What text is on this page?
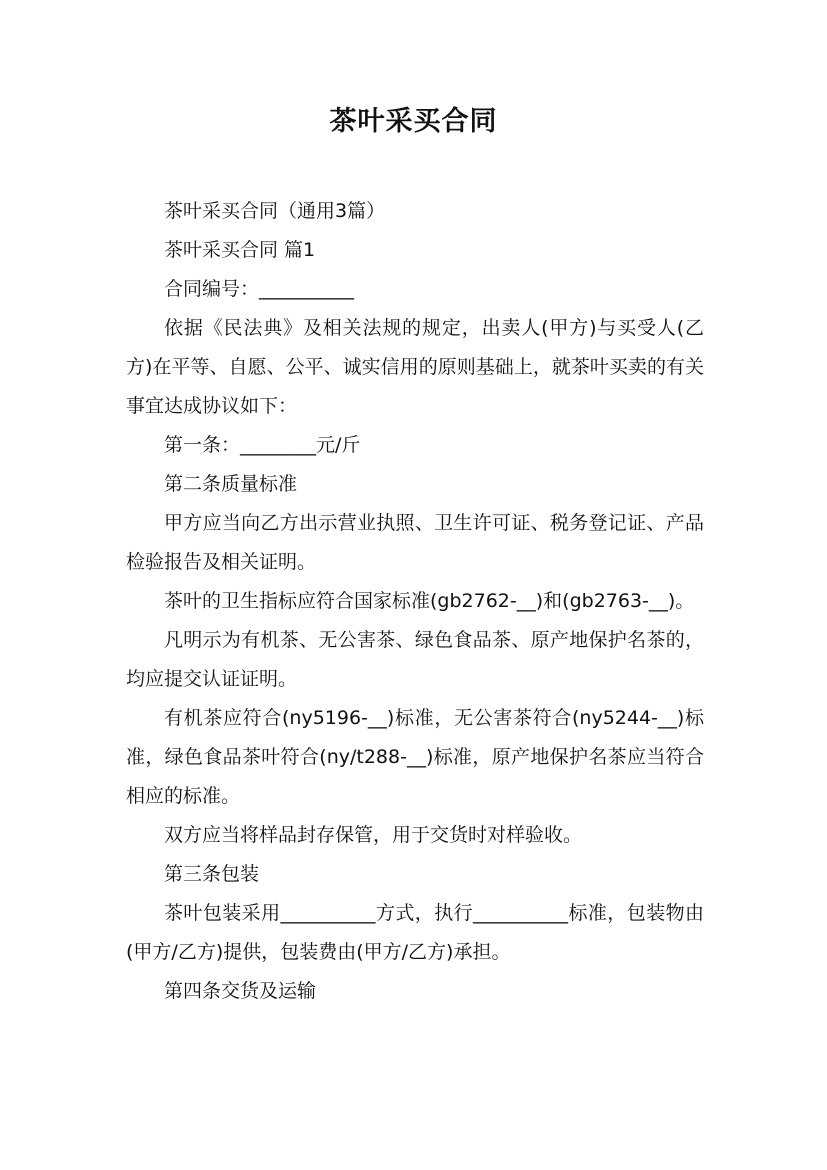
茶叶采买合同

茶叶采买合同（通用3篇）

茶叶采买合同 篇1

合同编号：__________

依据《民法典》及相关法规的规定，出卖人(甲方)与买受人(乙方)在平等、自愿、公平、诚实信用的原则基础上，就茶叶买卖的有关事宜达成协议如下：

第一条：________元/斤

第二条质量标准

甲方应当向乙方出示营业执照、卫生许可证、税务登记证、产品检验报告及相关证明。

茶叶的卫生指标应符合国家标准(gb2762-__)和(gb2763-__)。

凡明示为有机茶、无公害茶、绿色食品茶、原产地保护名茶的，均应提交认证证明。

有机茶应符合(ny5196-__)标准，无公害茶符合(ny5244-__)标准，绿色食品茶叶符合(ny/t288-__)标准，原产地保护名茶应当符合相应的标准。

双方应当将样品封存保管，用于交货时对样验收。

第三条包装

茶叶包装采用__________方式，执行__________标准，包装物由(甲方/乙方)提供，包装费由(甲方/乙方)承担。

第四条交货及运输
